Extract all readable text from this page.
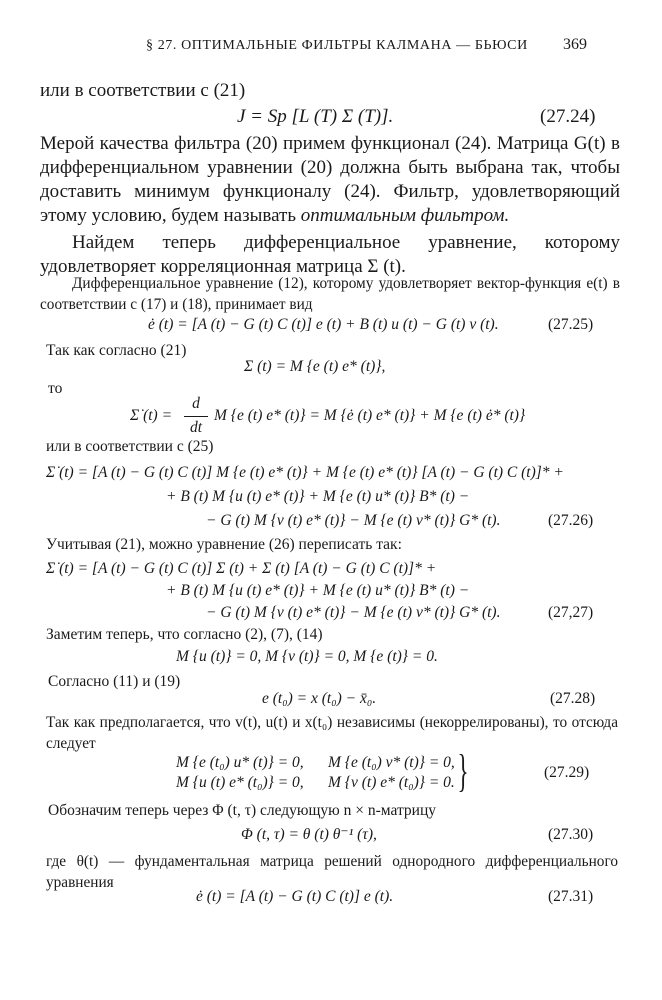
§ 27. ОПТИМАЛЬНЫЕ ФИЛЬТРЫ КАЛМАНА — БЬЮСИ 369
или в соответствии с (21)
J = Sp [L (T) Σ (T)].	(27.24)
Мерой качества фильтра (20) примем функционал (24). Матрица G(t) в дифференциальном уравнении (20) должна быть выбрана так, чтобы доставить минимум функционалу (24). Фильтр, удовлетворяющий этому условию, будем называть оптимальным фильтром.
Найдем теперь дифференциальное уравнение, которому удовлетворяет корреляционная матрица Σ (t).
Дифференциальное уравнение (12), которому удовлетворяет вектор-функция e(t) в соответствии с (17) и (18), принимает вид
ė (t) = [A (t) − G (t) C (t)] e (t) + B (t) u (t) − G (t) v (t).	(27.25)
Так как согласно (21)
Σ (t) = M {e (t) e* (t)},
то
Σ̇ (t) =
d
dt
M {e (t) e* (t)} = M {ė (t) e* (t)} + M {e (t) ė* (t)}
или в соответствии с (25)
Σ̇ (t) = [A (t) − G (t) C (t)] M {e (t) e* (t)} + M {e (t) e* (t)} [A (t) − G (t) C (t)]* +
+ B (t) M {u (t) e* (t)} + M {e (t) u* (t)} B* (t) −
− G (t) M {v (t) e* (t)} − M {e (t) v* (t)} G* (t).	(27.26)
Учитывая (21), можно уравнение (26) переписать так:
Σ̇ (t) = [A (t) − G (t) C (t)] Σ (t) + Σ (t) [A (t) − G (t) C (t)]* +
+ B (t) M {u (t) e* (t)} + M {e (t) u* (t)} B* (t) −
− G (t) M {v (t) e* (t)} − M {e (t) v* (t)} G* (t).	(27,27)
Заметим теперь, что согласно (2), (7), (14)
M {u (t)} = 0, M {v (t)} = 0, M {e (t)} = 0.
Согласно (11) и (19)
e (t₀) = x (t₀) − x̄₀.	(27.28)
Так как предполагается, что v(t), u(t) и x(t₀) независимы (некоррелированы), то отсюда следует
M {e (t₀) u* (t)} = 0, M {e (t₀) v* (t)} = 0,
M {u (t) e* (t₀)} = 0, M {v (t) e* (t₀)} = 0. }	(27.29)
Обозначим теперь через Φ (t, τ) следующую n × n-матрицу
Φ (t, τ) = θ (t) θ⁻¹ (τ),	(27.30)
где θ(t) — фундаментальная матрица решений однородного дифференциального уравнения
ė (t) = [A (t) − G (t) C (t)] e (t).	(27.31)
